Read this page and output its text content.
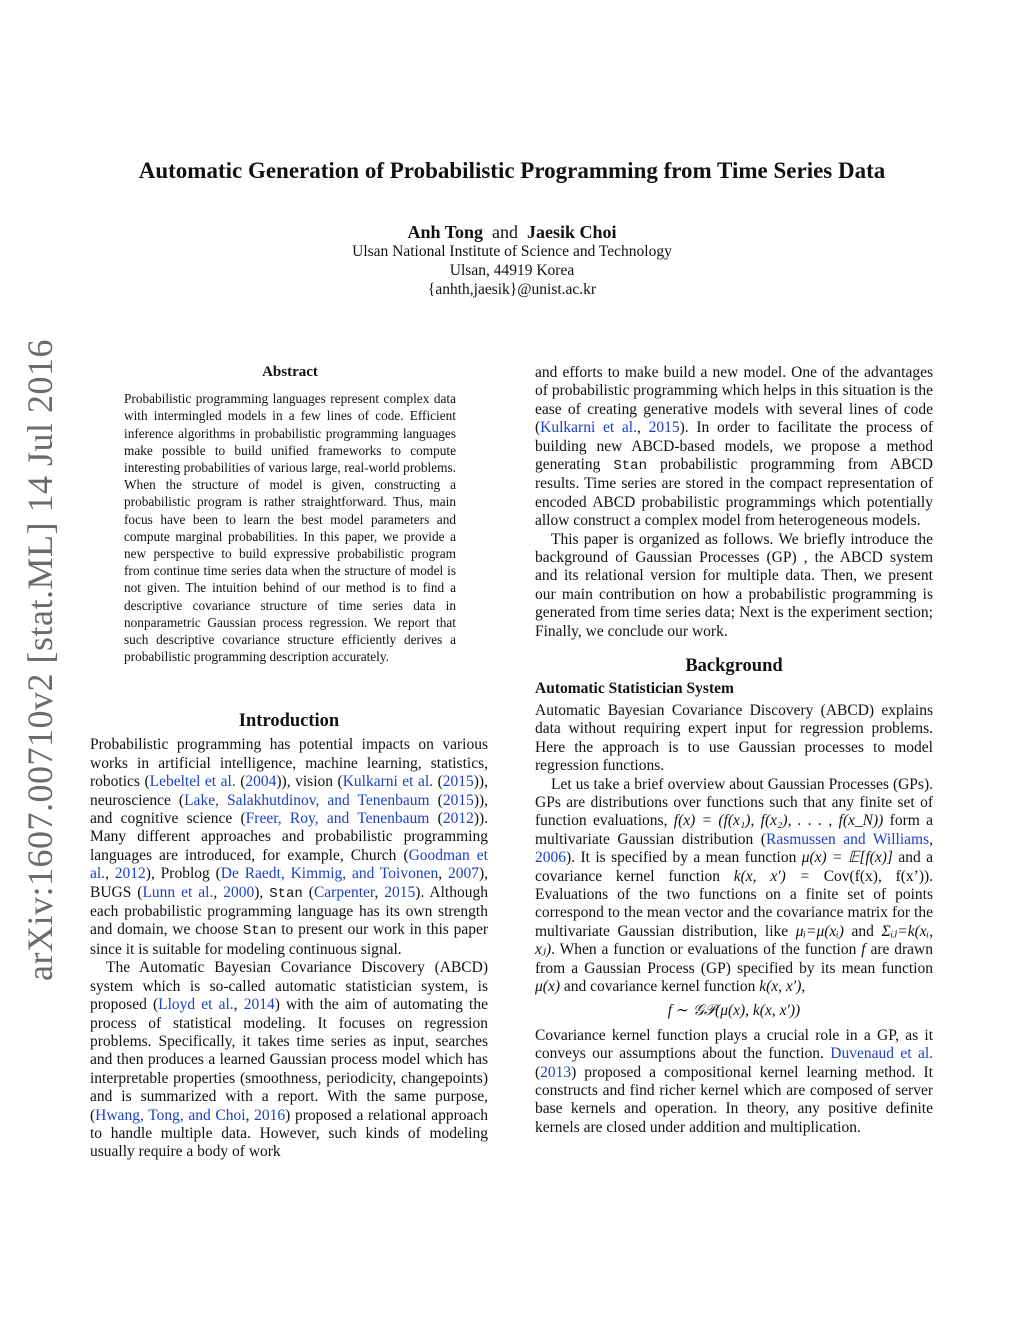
arXiv:1607.00710v2 [stat.ML] 14 Jul 2016
Automatic Generation of Probabilistic Programming from Time Series Data
Anh Tong and Jaesik Choi
Ulsan National Institute of Science and Technology
Ulsan, 44919 Korea
{anhth,jaesik}@unist.ac.kr
Abstract

Probabilistic programming languages represent complex data with intermingled models in a few lines of code. Efficient inference algorithms in probabilistic programming languages make possible to build unified frameworks to compute interesting probabilities of various large, real-world problems. When the structure of model is given, constructing a probabilistic program is rather straightforward. Thus, main focus have been to learn the best model parameters and compute marginal probabilities. In this paper, we provide a new perspective to build expressive probabilistic program from continue time series data when the structure of model is not given. The intuition behind of our method is to find a descriptive covariance structure of time series data in nonparametric Gaussian process regression. We report that such descriptive covariance structure efficiently derives a probabilistic programming description accurately.

Introduction

Probabilistic programming has potential impacts on various works in artificial intelligence, machine learning, statistics, robotics (Lebeltel et al. (2004)), vision (Kulkarni et al. (2015)), neuroscience (Lake, Salakhutdinov, and Tenenbaum (2015)), and cognitive science (Freer, Roy, and Tenenbaum (2012)). Many different approaches and probabilistic programming languages are introduced, for example, Church (Goodman et al., 2012), Problog (De Raedt, Kimmig, and Toivonen, 2007), BUGS (Lunn et al., 2000), Stan (Carpenter, 2015). Although each probabilistic programming language has its own strength and domain, we choose Stan to present our work in this paper since it is suitable for modeling continuous signal.

The Automatic Bayesian Covariance Discovery (ABCD) system which is so-called automatic statistician system, is proposed (Lloyd et al., 2014) with the aim of automating the process of statistical modeling. It focuses on regression problems. Specifically, it takes time series as input, searches and then produces a learned Gaussian process model which has interpretable properties (smoothness, periodicity, changepoints) and is summarized with a report. With the same purpose, (Hwang, Tong, and Choi, 2016) proposed a relational approach to handle multiple data. However, such kinds of modeling usually require a body of work

and efforts to make build a new model. One of the advantages of probabilistic programming which helps in this situation is the ease of creating generative models with several lines of code (Kulkarni et al., 2015). In order to facilitate the process of building new ABCD-based models, we propose a method generating Stan probabilistic programming from ABCD results. Time series are stored in the compact representation of encoded ABCD probabilistic programmings which potentially allow construct a complex model from heterogeneous models.

This paper is organized as follows. We briefly introduce the background of Gaussian Processes (GP) , the ABCD system and its relational version for multiple data. Then, we present our main contribution on how a probabilistic programming is generated from time series data; Next is the experiment section; Finally, we conclude our work.

Background
Automatic Statistician System

Automatic Bayesian Covariance Discovery (ABCD) explains data without requiring expert input for regression problems. Here the approach is to use Gaussian processes to model regression functions.

Let us take a brief overview about Gaussian Processes (GPs). GPs are distributions over functions such that any finite set of function evaluations, f(x) = (f(x₁), f(x₂), . . . , f(x_N)) form a multivariate Gaussian distribution (Rasmussen and Williams, 2006). It is specified by a mean function μ(x) = 𝔼[f(x)] and a covariance kernel function k(x, x′) = Cov(f(x), f(x’)). Evaluations of the two functions on a finite set of points correspond to the mean vector and the covariance matrix for the multivariate Gaussian distribution, like μᵢ=μ(xᵢ) and Σᵢⱼ=k(xᵢ, xⱼ). When a function or evaluations of the function f are drawn from a Gaussian Process (GP) specified by its mean function μ(x) and covariance kernel function k(x, x′),

f ∼ 𝒢𝒫(μ(x), k(x, x′))

Covariance kernel function plays a crucial role in a GP, as it conveys our assumptions about the function. Duvenaud et al. (2013) proposed a compositional kernel learning method. It constructs and find richer kernel which are composed of server base kernels and operation. In theory, any positive definite kernels are closed under addition and multiplication.
